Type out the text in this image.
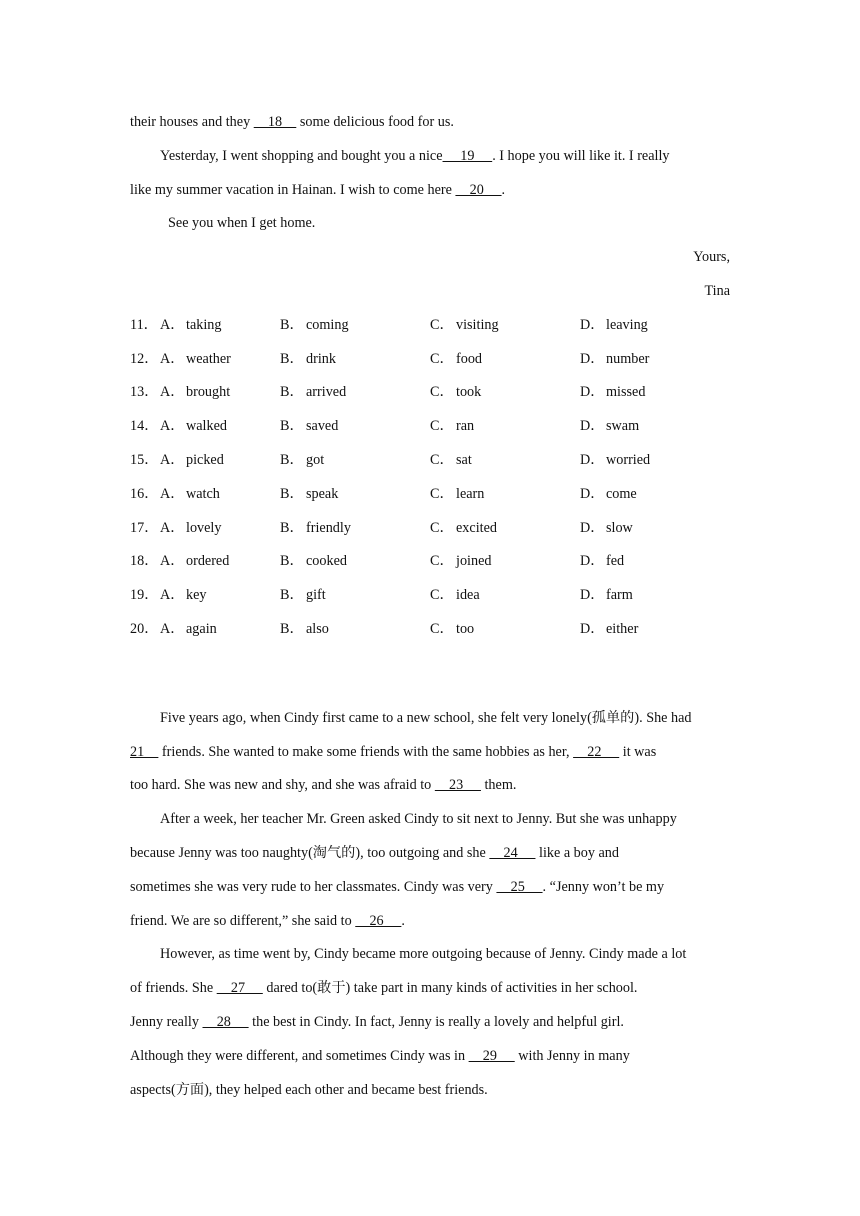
their houses and they     18     some delicious food for us.
Yesterday, I went shopping and bought you a nice     19     . I hope you will like it. I really
like my summer vacation in Hainan. I wish to come here     20     .
See you when I get home.
Yours,
Tina
11． A． taking	B． coming	C． visiting	D． leaving
12． A． weather	B． drink	C． food	D． number
13． A． brought	B． arrived	C． took	D． missed
14． A． walked	B． saved	C． ran	D． swam
15． A． picked	B． got	C． sat	D． worried
16． A． watch	B． speak	C． learn	D． come
17． A． lovely	B． friendly	C． excited	D． slow
18． A． ordered	B． cooked	C． joined	D． fed
19． A． key	B． gift	C． idea	D． farm
20． A． again	B． also	C． too	D． either
Five years ago, when Cindy first came to a new school, she felt very lonely(孤单的). She had
21     friends. She wanted to make some friends with the same hobbies as her,     22      it was
too hard. She was new and shy, and she was afraid to     23      them.
After a week, her teacher Mr. Green asked Cindy to sit next to Jenny. But she was unhappy
because Jenny was too naughty(淘气的), too outgoing and she     24      like a boy and
sometimes she was very rude to her classmates. Cindy was very     25     . “Jenny won’t be my
friend. We are so different,” she said to     26     .
However, as time went by, Cindy became more outgoing because of Jenny. Cindy made a lot
of friends. She     27      dared to(敢于) take part in many kinds of activities in her school.
Jenny really     28      the best in Cindy. In fact, Jenny is really a lovely and helpful girl.
Although they were different, and sometimes Cindy was in     29      with Jenny in many
aspects(方面), they helped each other and became best friends.
